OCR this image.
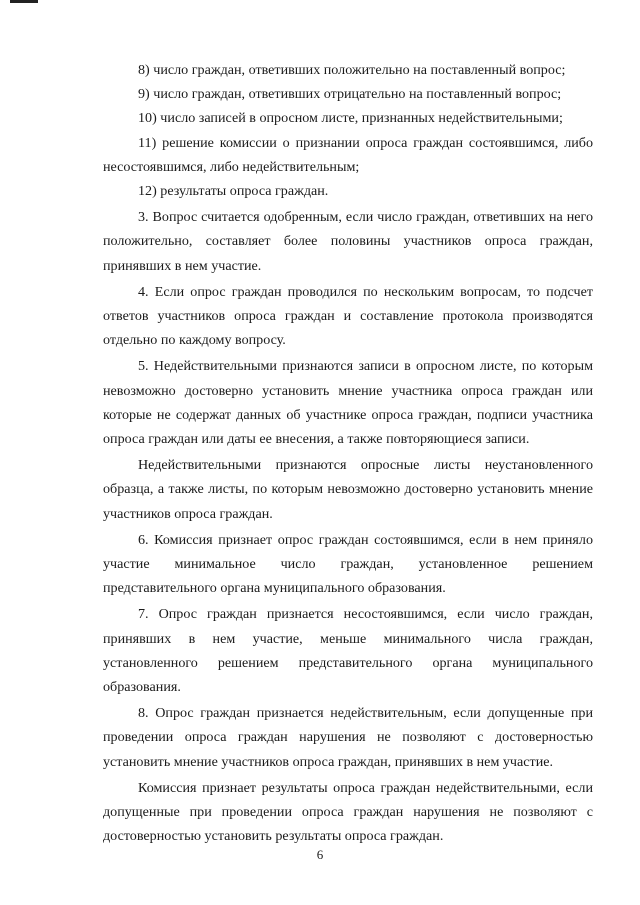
8) число граждан, ответивших положительно на поставленный вопрос;

9) число граждан, ответивших отрицательно на поставленный вопрос;

10) число записей в опросном листе, признанных недействительными;

11) решение комиссии о признании опроса граждан состоявшимся, либо несостоявшимся, либо недействительным;

12) результаты опроса граждан.

3. Вопрос считается одобренным, если число граждан, ответивших на него положительно, составляет более половины участников опроса граждан, принявших в нем участие.

4. Если опрос граждан проводился по нескольким вопросам, то подсчет ответов участников опроса граждан и составление протокола производятся отдельно по каждому вопросу.

5. Недействительными признаются записи в опросном листе, по которым невозможно достоверно установить мнение участника опроса граждан или которые не содержат данных об участнике опроса граждан, подписи участника опроса граждан или даты ее внесения, а также повторяющиеся записи.

Недействительными признаются опросные листы неустановленного образца, а также листы, по которым невозможно достоверно установить мнение участников опроса граждан.

6. Комиссия признает опрос граждан состоявшимся, если в нем приняло участие минимальное число граждан, установленное решением представительного органа муниципального образования.

7. Опрос граждан признается несостоявшимся, если число граждан, принявших в нем участие, меньше минимального числа граждан, установленного решением представительного органа муниципального образования.

8. Опрос граждан признается недействительным, если допущенные при проведении опроса граждан нарушения не позволяют с достоверностью установить мнение участников опроса граждан, принявших в нем участие.

Комиссия признает результаты опроса граждан недействительными, если допущенные при проведении опроса граждан нарушения не позволяют с достоверностью установить результаты опроса граждан.

6
